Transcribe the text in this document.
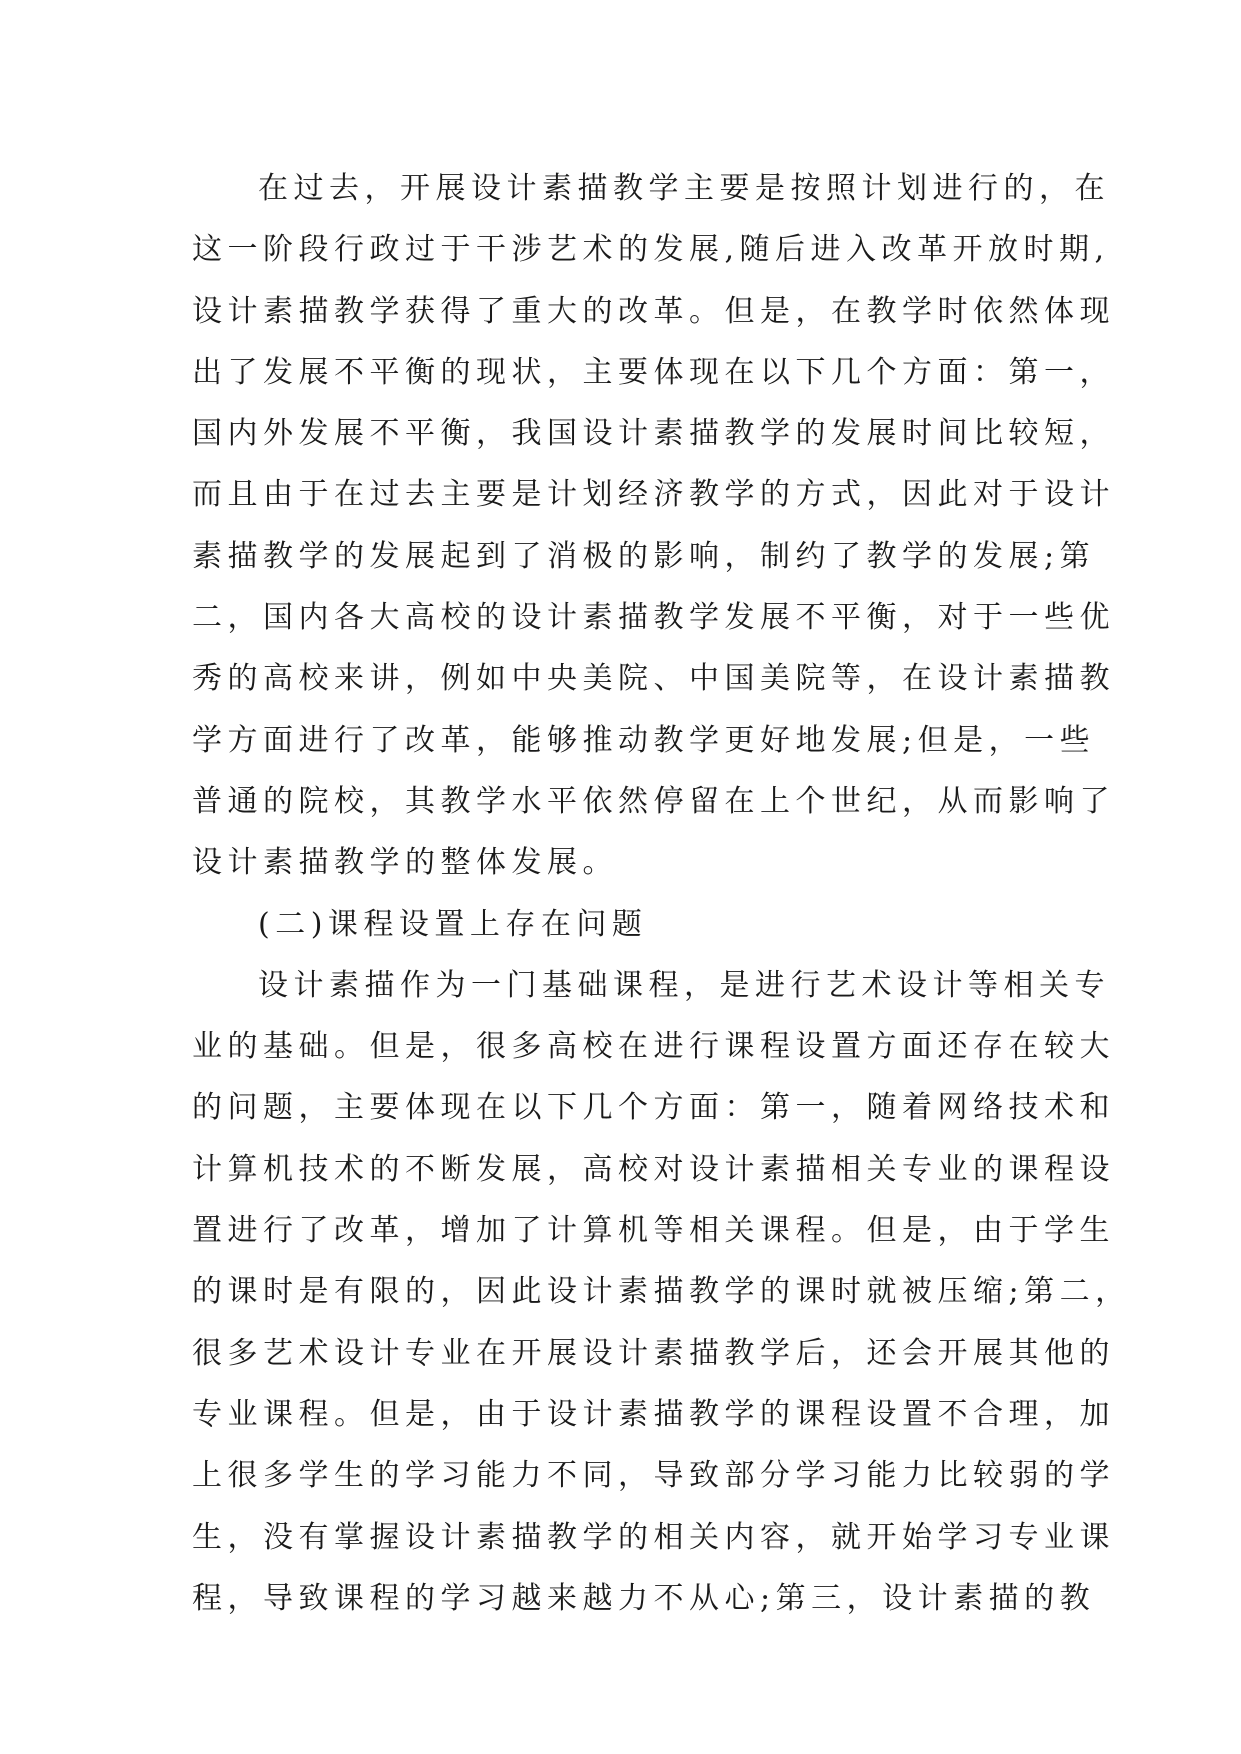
在过去，开展设计素描教学主要是按照计划进行的，在
这一阶段行政过于干涉艺术的发展,随后进入改革开放时期,
设计素描教学获得了重大的改革。但是，在教学时依然体现
出了发展不平衡的现状，主要体现在以下几个方面：第一，
国内外发展不平衡，我国设计素描教学的发展时间比较短，
而且由于在过去主要是计划经济教学的方式，因此对于设计
素描教学的发展起到了消极的影响，制约了教学的发展;第
二，国内各大高校的设计素描教学发展不平衡，对于一些优
秀的高校来讲，例如中央美院、中国美院等，在设计素描教
学方面进行了改革，能够推动教学更好地发展;但是，一些
普通的院校，其教学水平依然停留在上个世纪，从而影响了
设计素描教学的整体发展。
(二)课程设置上存在问题
设计素描作为一门基础课程，是进行艺术设计等相关专
业的基础。但是，很多高校在进行课程设置方面还存在较大
的问题，主要体现在以下几个方面：第一，随着网络技术和
计算机技术的不断发展，高校对设计素描相关专业的课程设
置进行了改革，增加了计算机等相关课程。但是，由于学生
的课时是有限的，因此设计素描教学的课时就被压缩;第二，
很多艺术设计专业在开展设计素描教学后，还会开展其他的
专业课程。但是，由于设计素描教学的课程设置不合理，加
上很多学生的学习能力不同，导致部分学习能力比较弱的学
生，没有掌握设计素描教学的相关内容，就开始学习专业课
程，导致课程的学习越来越力不从心;第三，设计素描的教
